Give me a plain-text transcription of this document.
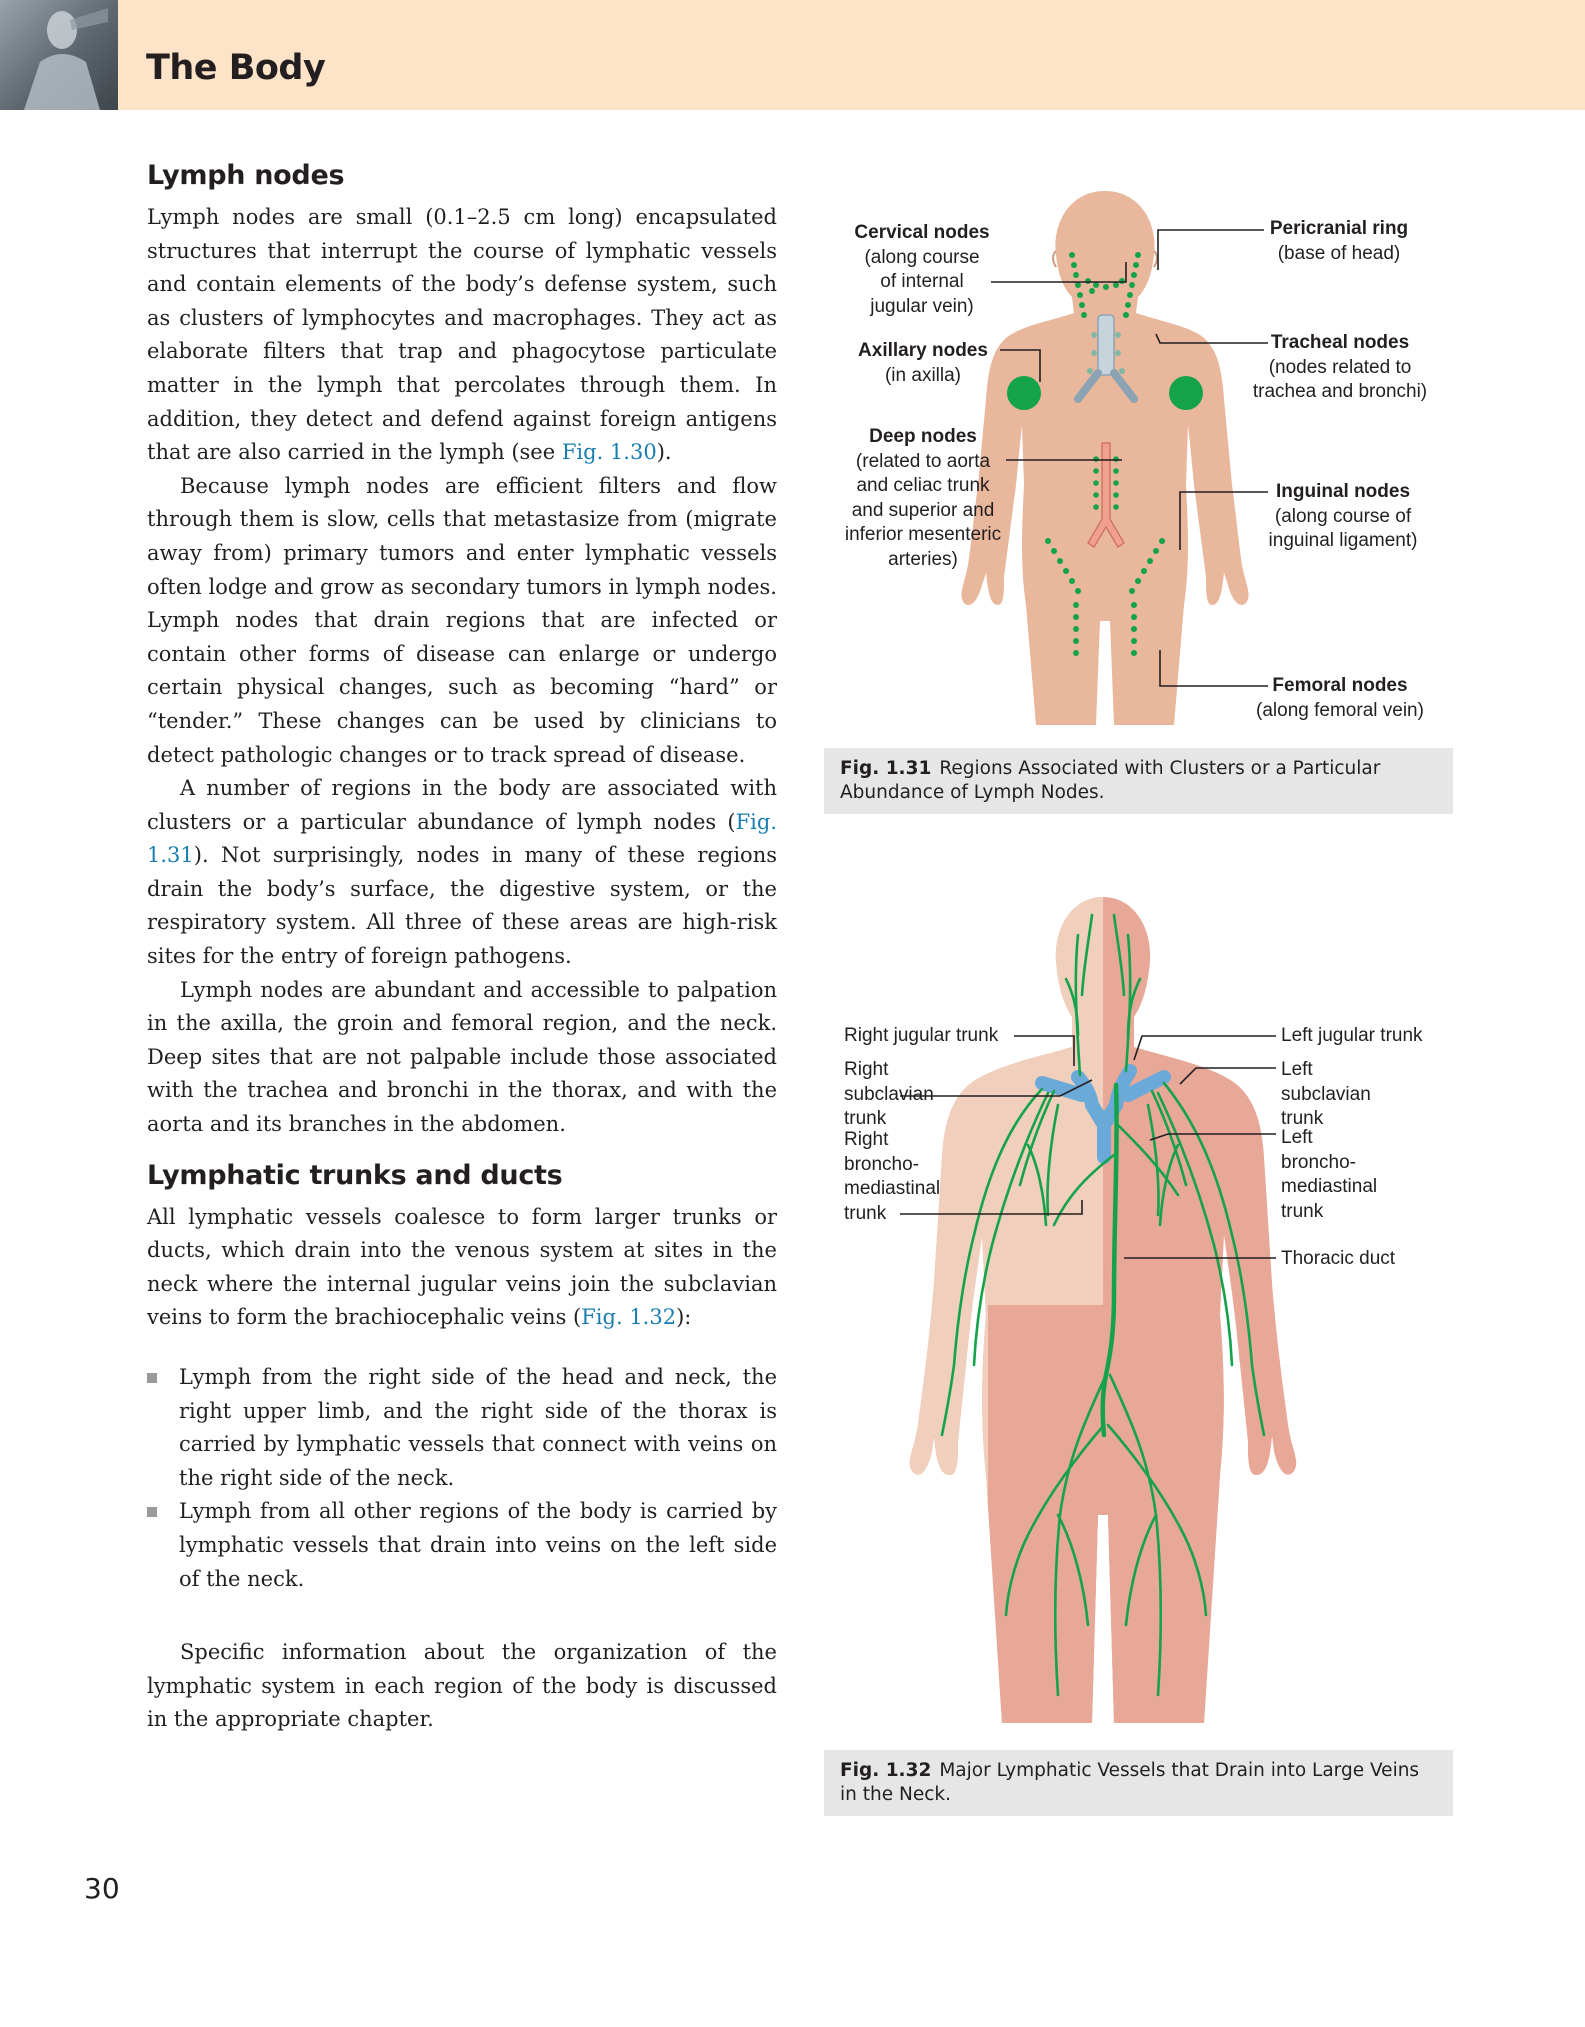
The Body
Lymph nodes

Lymph nodes are small (0.1–2.5 cm long) encapsulated structures that interrupt the course of lymphatic vessels and contain elements of the body’s defense system, such as clusters of lymphocytes and macrophages. They act as elaborate filters that trap and phagocytose particulate matter in the lymph that percolates through them. In addition, they detect and defend against foreign antigens that are also carried in the lymph (see Fig. 1.30).

Because lymph nodes are efficient filters and flow through them is slow, cells that metastasize from (migrate away from) primary tumors and enter lymphatic vessels often lodge and grow as secondary tumors in lymph nodes. Lymph nodes that drain regions that are infected or contain other forms of disease can enlarge or undergo certain physical changes, such as becoming “hard” or “tender.” These changes can be used by clinicians to detect pathologic changes or to track spread of disease.

A number of regions in the body are associated with clusters or a particular abundance of lymph nodes (Fig. 1.31). Not surprisingly, nodes in many of these regions drain the body’s surface, the digestive system, or the respiratory system. All three of these areas are high-risk sites for the entry of foreign pathogens.

Lymph nodes are abundant and accessible to palpation in the axilla, the groin and femoral region, and the neck. Deep sites that are not palpable include those associated with the trachea and bronchi in the thorax, and with the aorta and its branches in the abdomen.

Lymphatic trunks and ducts

All lymphatic vessels coalesce to form larger trunks or ducts, which drain into the venous system at sites in the neck where the internal jugular veins join the subclavian veins to form the brachiocephalic veins (Fig. 1.32):

Lymph from the right side of the head and neck, the right upper limb, and the right side of the thorax is carried by lymphatic vessels that connect with veins on the right side of the neck.
Lymph from all other regions of the body is carried by lymphatic vessels that drain into veins on the left side of the neck.

Specific information about the organization of the lymphatic system in each region of the body is discussed in the appropriate chapter.

30
Cervical nodes
(along course
of internal
jugular vein)
Axillary nodes
(in axilla)
Deep nodes
(related to aorta
and celiac trunk
and superior and
inferior mesenteric
arteries)
Pericranial ring
(base of head)
Tracheal nodes
(nodes related to
trachea and bronchi)
Inguinal nodes
(along course of
inguinal ligament)
Femoral nodes
(along femoral vein)
Fig. 1.31 Regions Associated with Clusters or a Particular Abundance of Lymph Nodes.
Right jugular trunk
Right subclavian
trunk
Right
broncho-
mediastinal
trunk
Left jugular trunk
Left subclavian
trunk
Left broncho-
mediastinal trunk
Thoracic duct
Fig. 1.32 Major Lymphatic Vessels that Drain into Large Veins in the Neck.
